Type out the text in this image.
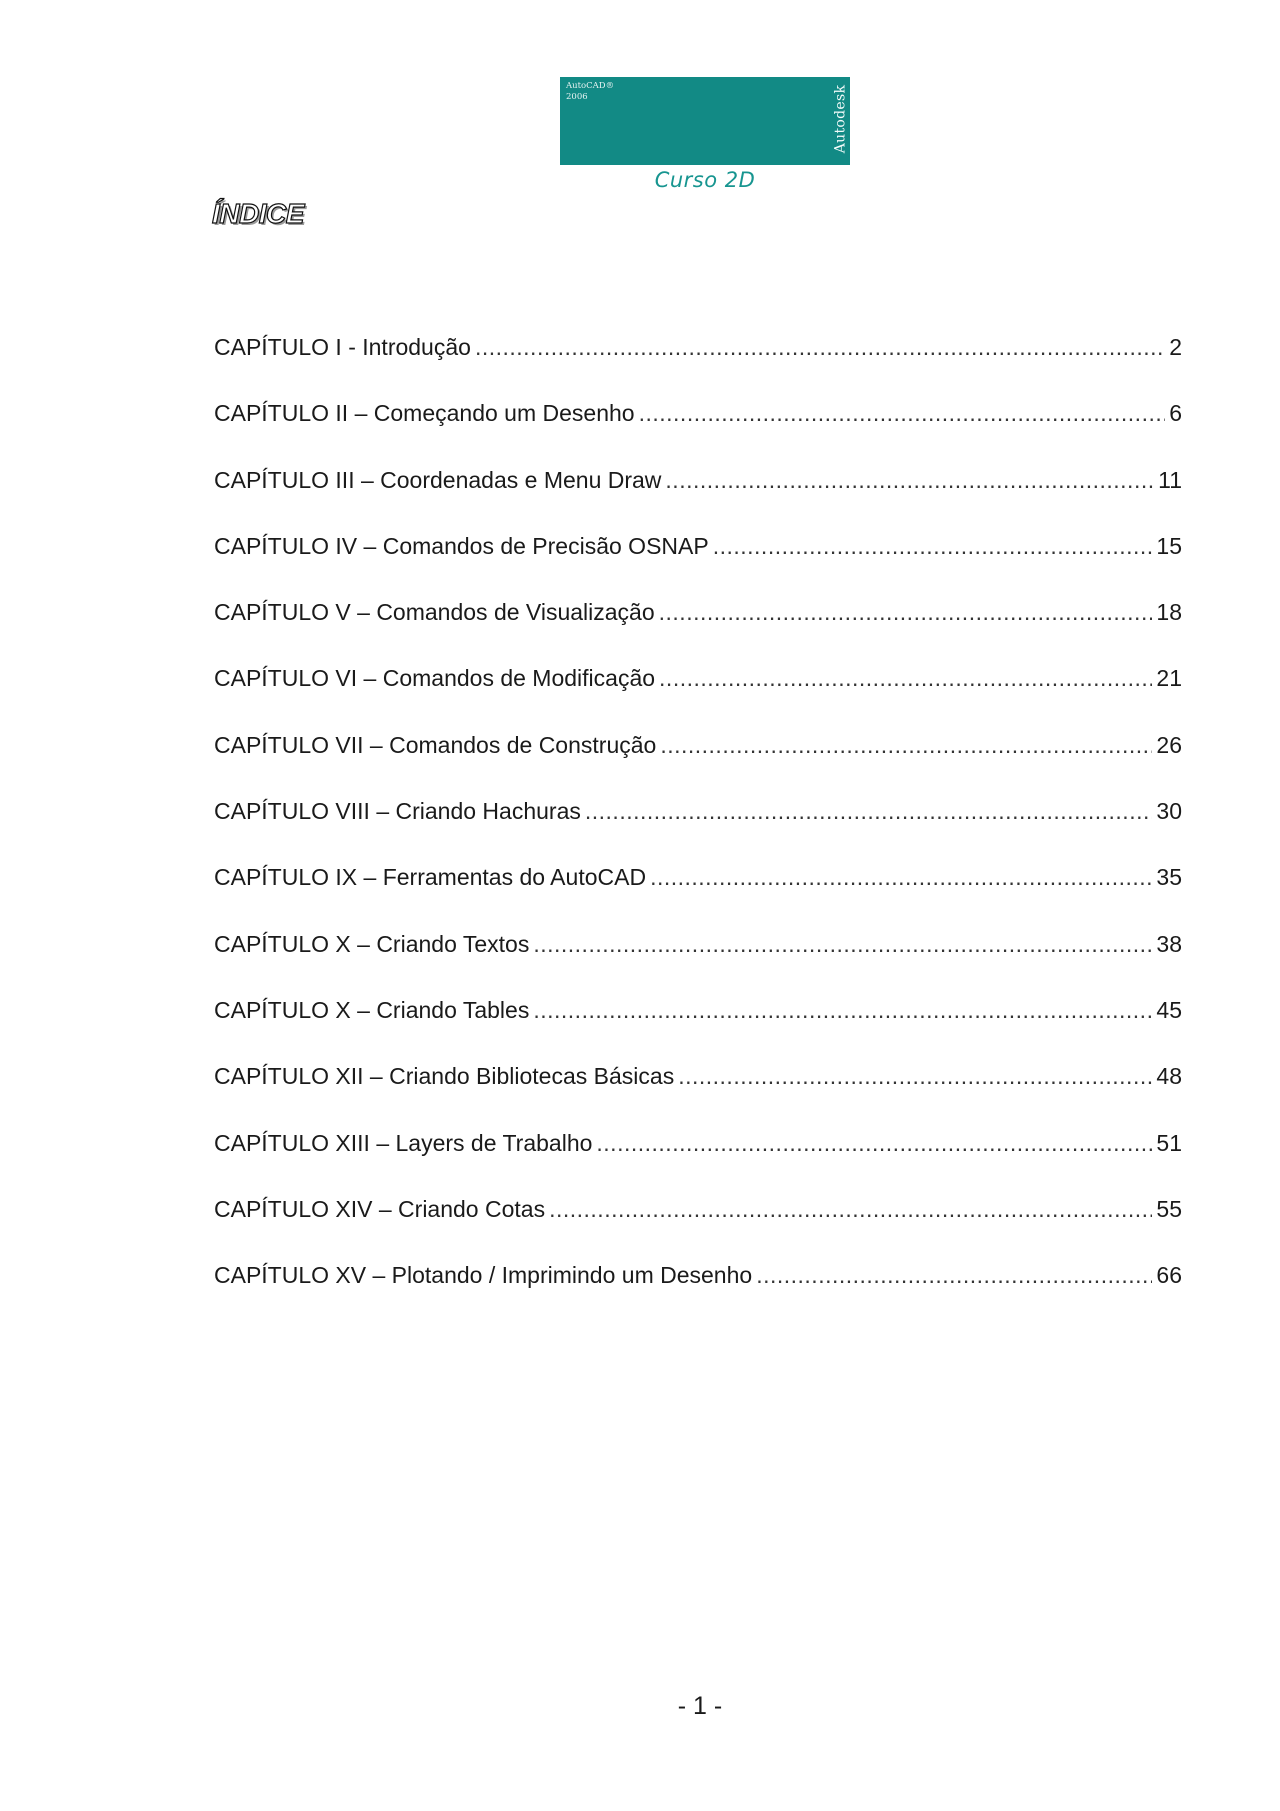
AutoCAD®
2006	Autodesk
Curso 2D
ÍNDICE
CAPÍTULO I - Introdução .....	2
CAPÍTULO II – Começando um Desenho .....	6
CAPÍTULO III – Coordenadas e Menu Draw .....	11
CAPÍTULO IV – Comandos de Precisão OSNAP .....	15
CAPÍTULO V – Comandos de Visualização .....	18
CAPÍTULO VI – Comandos de Modificação .....	21
CAPÍTULO VII – Comandos de Construção .....	26
CAPÍTULO VIII – Criando Hachuras .....	30
CAPÍTULO IX – Ferramentas do AutoCAD .....	35
CAPÍTULO X – Criando Textos .....	38
CAPÍTULO X – Criando Tables .....	45
CAPÍTULO XII – Criando Bibliotecas Básicas .....	48
CAPÍTULO XIII – Layers de Trabalho .....	51
CAPÍTULO XIV – Criando Cotas .....	55
CAPÍTULO XV – Plotando / Imprimindo um Desenho .....	66
- 1 -
